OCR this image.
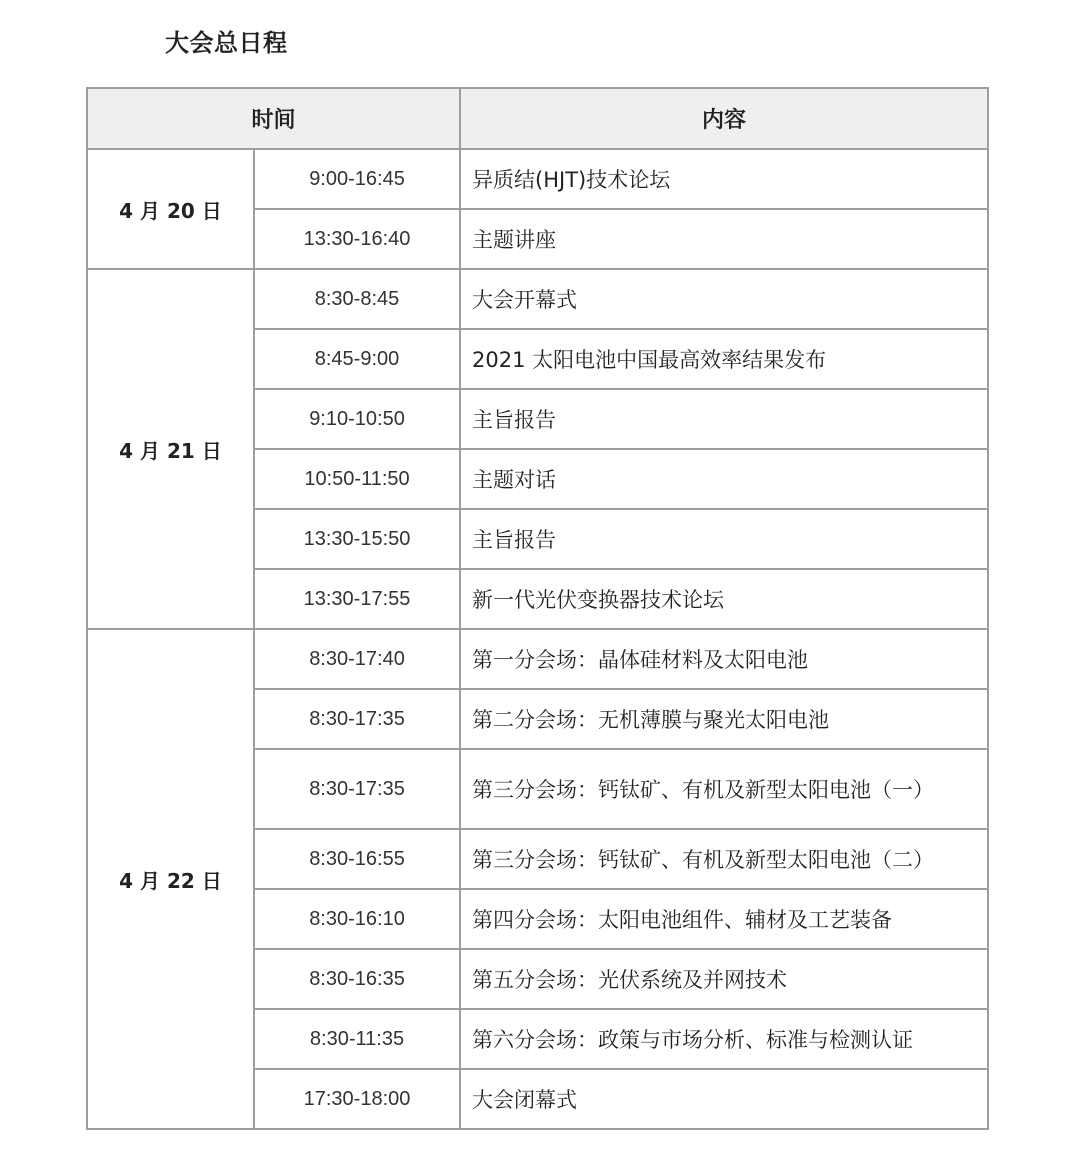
大会总日程
时间		内容
4 月 20 日	9:00-16:45	异质结(HJT)技术论坛
	13:30-16:40	主题讲座
4 月 21 日	8:30-8:45	大会开幕式
	8:45-9:00	2021 太阳电池中国最高效率结果发布
	9:10-10:50	主旨报告
	10:50-11:50	主题对话
	13:30-15:50	主旨报告
	13:30-17:55	新一代光伏变换器技术论坛
4 月 22 日	8:30-17:40	第一分会场：晶体硅材料及太阳电池
	8:30-17:35	第二分会场：无机薄膜与聚光太阳电池
	8:30-17:35	第三分会场：钙钛矿、有机及新型太阳电池（一）
	8:30-16:55	第三分会场：钙钛矿、有机及新型太阳电池（二）
	8:30-16:10	第四分会场：太阳电池组件、辅材及工艺装备
	8:30-16:35	第五分会场：光伏系统及并网技术
	8:30-11:35	第六分会场：政策与市场分析、标准与检测认证
	17:30-18:00	大会闭幕式
